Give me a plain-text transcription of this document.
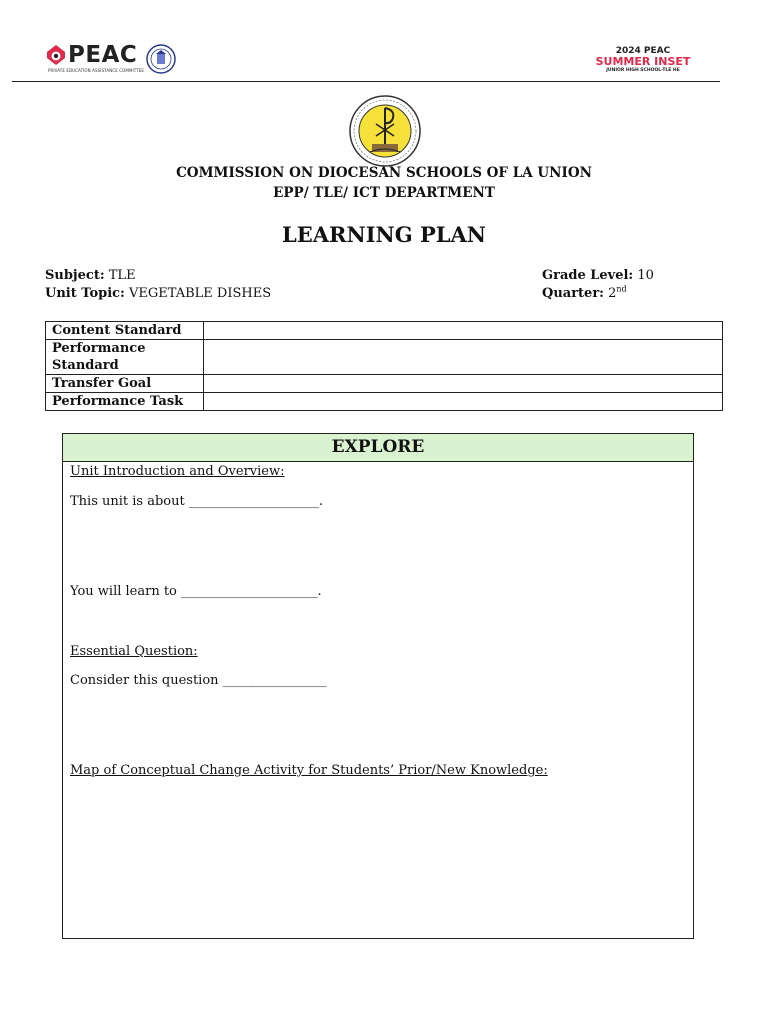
PEAC
PRIVATE EDUCATION ASSISTANCE COMMITTEE
2024 PEAC
SUMMER INSET
JUNIOR HIGH SCHOOL-TLE HE
COMMISSION ON DIOCESAN SCHOOLS OF LA UNION
EPP/ TLE/ ICT DEPARTMENT
LEARNING PLAN
Subject: TLE
Unit Topic: VEGETABLE DISHES
Grade Level: 10
Quarter: 2nd
Content Standard	
Performance Standard	
Transfer Goal	
Performance Task	
EXPLORE
Unit Introduction and Overview:
This unit is about ____________________.
You will learn to _____________________.
Essential Question:
Consider this question ________________
Map of Conceptual Change Activity for Students’ Prior/New Knowledge:
